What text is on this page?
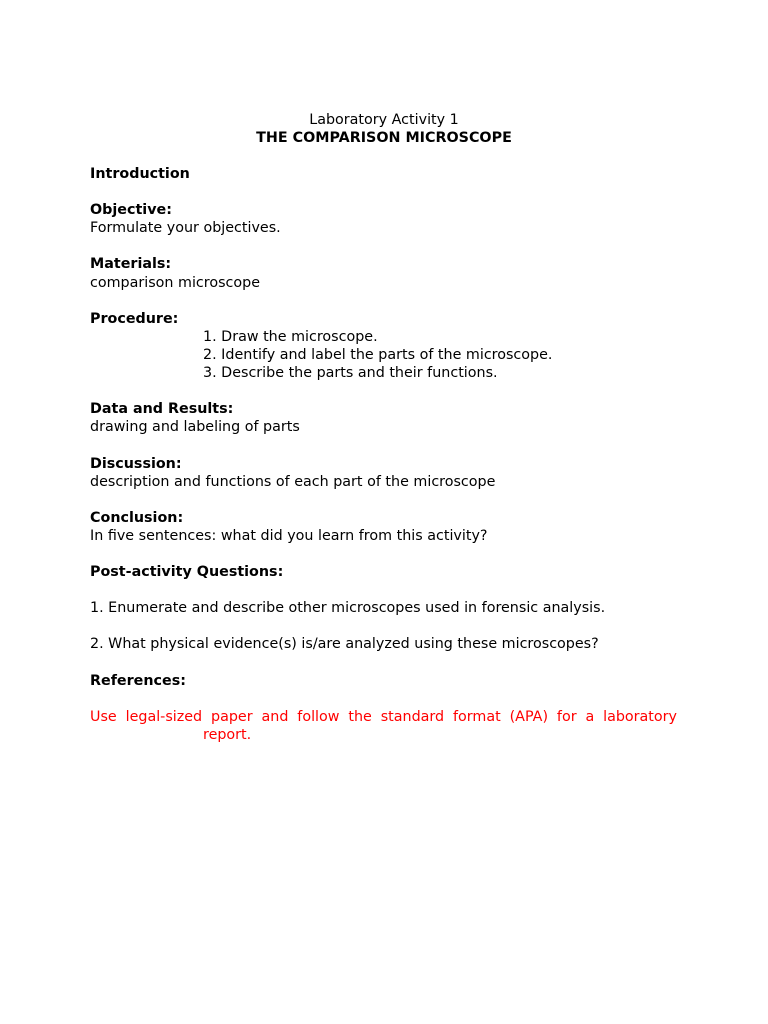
Laboratory Activity 1
THE COMPARISON MICROSCOPE
Introduction
Objective:
Formulate your objectives.
Materials:
comparison microscope
Procedure:
1. Draw the microscope.
2. Identify and label the parts of the microscope.
3. Describe the parts and their functions.
Data and Results:
drawing and labeling of parts
Discussion:
description and functions of each part of the microscope
Conclusion:
In five sentences: what did you learn from this activity?
Post-activity Questions:
1. Enumerate and describe other microscopes used in forensic analysis.
2. What physical evidence(s) is/are analyzed using these microscopes?
References:

Use legal-sized paper and follow the standard format (APA) for a laboratory
report.
